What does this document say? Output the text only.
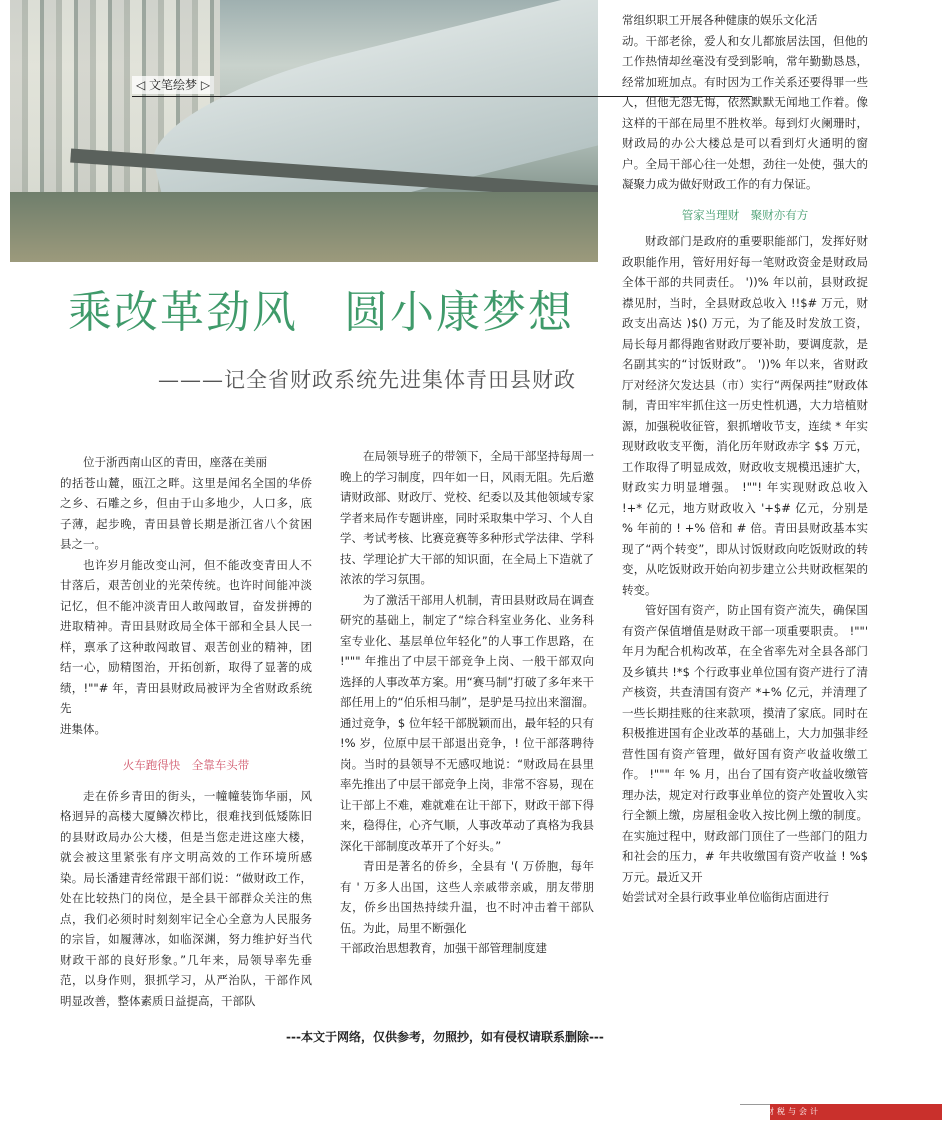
◁ 文笔绘梦 ▷
乘改革劲风　圆小康梦想
———记全省财政系统先进集体青田县财政

位于浙西南山区的青田，座落在美丽

的括苍山麓，瓯江之畔。这里是闻名全国的华侨之乡、石雕之乡，但由于山多地少，人口多，底子薄，起步晚，青田县曾长期是浙江省八个贫困县之一。

也许岁月能改变山河，但不能改变青田人不甘落后，艰苦创业的光荣传统。也许时间能冲淡记忆，但不能冲淡青田人敢闯敢冒，奋发拼搏的进取精神。青田县财政局全体干部和全县人民一样，禀承了这种敢闯敢冒、艰苦创业的精神，团结一心，励精图治，开拓创新，取得了显著的成绩，!""# 年，青田县财政局被评为全省财政系统先

进集体。

火车跑得快　全靠车头带

走在侨乡青田的街头，一幢幢装饰华丽，风格迥异的高楼大厦鳞次栉比，很难找到低矮陈旧的县财政局办公大楼，但是当您走进这座大楼，就会被这里紧张有序文明高效的工作环境所感染。局长潘建青经常跟干部们说：“做财政工作，处在比较热门的岗位，是全县干部群众关注的焦点，我们必须时时刻刻牢记全心全意为人民服务的宗旨，如履薄冰，如临深渊，努力维护好当代财政干部的良好形象。”几年来，局领导率先垂范，以身作则，狠抓学习，从严治队，干部作风明显改善，整体素质日益提高，干部队

在局领导班子的带领下，全局干部坚持每周一晚上的学习制度，四年如一日，风雨无阻。先后邀请财政部、财政厅、党校、纪委以及其他领域专家学者来局作专题讲座，同时采取集中学习、个人自学、考试考核、比赛竞赛等多种形式学法律、学科技、学理论扩大干部的知识面，在全局上下造就了浓浓的学习氛围。

为了激活干部用人机制，青田县财政局在调查研究的基础上，制定了“综合科室业务化、业务科室专业化、基层单位年轻化”的人事工作思路，在 !""" 年推出了中层干部竞争上岗、一般干部双向选择的人事改革方案。用“赛马制”打破了多年来干部任用上的“伯乐相马制”，是驴是马拉出来溜溜。通过竞争，$ 位年轻干部脱颖而出，最年轻的只有 !% 岁，位原中层干部退出竞争，! 位干部落聘待岗。当时的县领导不无感叹地说：“财政局在县里率先推出了中层干部竞争上岗，非常不容易，现在让干部上不难，难就难在让干部下，财政干部下得来，稳得住，心齐气顺，人事改革动了真格为我县深化干部制度改革开了个好头。”

青田是著名的侨乡，全县有 '( 万侨胞，每年有 ' 万多人出国，这些人亲戚带亲戚，朋友带朋友，侨乡出国热持续升温，也不时冲击着干部队伍。为此，局里不断强化

干部政治思想教育，加强干部管理制度建

常组织职工开展各种健康的娱乐文化活

动。干部老徐，爱人和女儿都旅居法国，但他的工作热情却丝毫没有受到影响，常年勤勤恳恳，经常加班加点。有时因为工作关系还要得罪一些人，但他无怨无悔，依然默默无闻地工作着。像这样的干部在局里不胜枚举。每到灯火阑珊时，财政局的办公大楼总是可以看到灯火通明的窗户。全局干部心往一处想，劲往一处使，强大的凝聚力成为做好财政工作的有力保证。

管家当理财　聚财亦有方

财政部门是政府的重要职能部门，发挥好财政职能作用，管好用好每一笔财政资金是财政局全体干部的共同责任。 '))% 年以前，县财政捉襟见肘，当时，全县财政总收入 !!$# 万元，财政支出高达 )$() 万元，为了能及时发放工资，局长每月都得跑省财政厅要补助，要调度款，是名副其实的“讨饭财政”。 '))% 年以来，省财政厅对经济欠发达县（市）实行“两保两挂”财政体制，青田牢牢抓住这一历史性机遇，大力培植财源，加强税收征管，狠抓增收节支，连续 * 年实现财政收支平衡，消化历年财政赤字 $$ 万元，工作取得了明显成效，财政收支规模迅速扩大，财政实力明显增强。 !""! 年实现财政总收入 !+* 亿元，地方财政收入 '+$# 亿元，分别是 % 年前的 ! +% 倍和 # 倍。青田县财政基本实现了“两个转变”，即从讨饭财政向吃饭财政的转变，从吃饭财政开始向初步建立公共财政框架的转变。

管好国有资产，防止国有资产流失，确保国有资产保值增值是财政干部一项重要职责。 !""' 年月为配合机构改革，在全省率先对全县各部门及乡镇共 !*$ 个行政事业单位国有资产进行了清产核资，共查清国有资产 *+% 亿元，并清理了一些长期挂账的往来款项，摸清了家底。同时在积极推进国有企业改革的基础上，大力加强非经营性国有资产管理，做好国有资产收益收缴工作。 !""" 年 % 月，出台了国有资产收益收缴管理办法，规定对行政事业单位的资产处置收入实行全额上缴，房屋租金收入按比例上缴的制度。在实施过程中，财政部门顶住了一些部门的阻力和社会的压力，# 年共收缴国有资产收益 ! %$ 万元。最近又开

始尝试对全县行政事业单位临街店面进行

---本文于网络，仅供参考，勿照抄，如有侵权请联系删除---
浙江财税与会计
